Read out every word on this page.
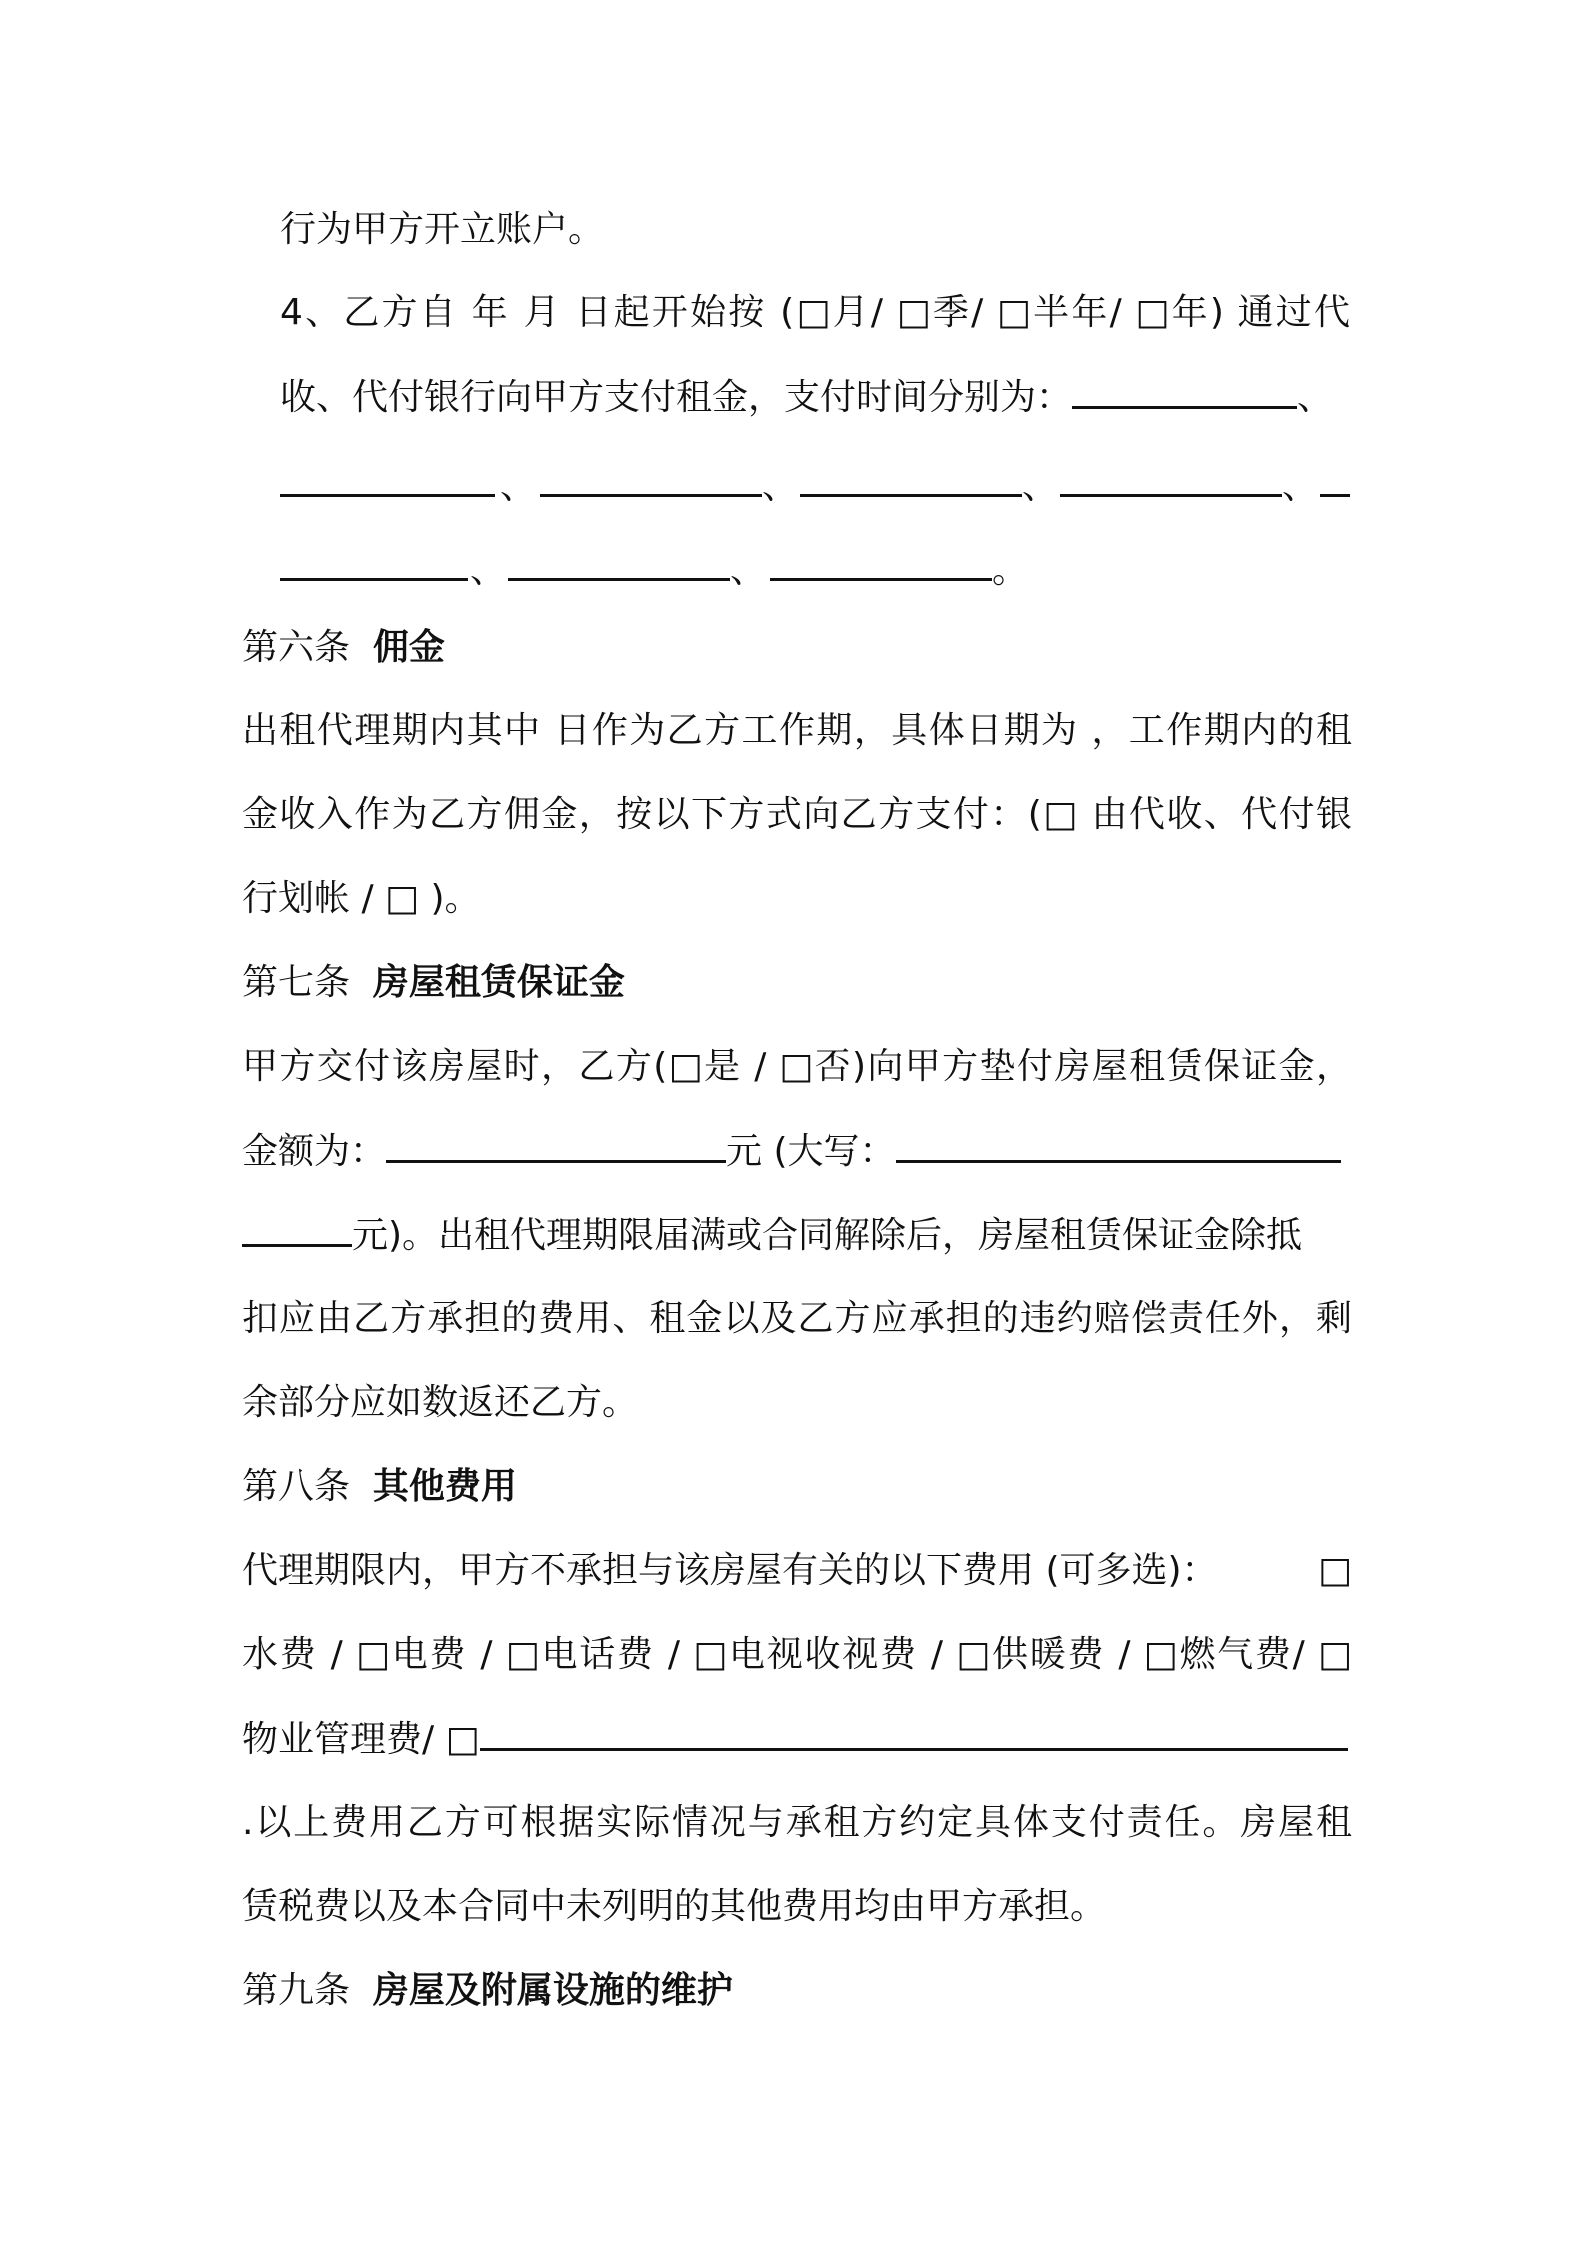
行为甲方开立账户。
4、乙方自 年 月 日起开始按 (□月/ □季/ □半年/ □年) 通过代
收、代付银行向甲方支付租金，支付时间分别为：	、
、	、	、	、
、	、	。
第六条 佣金
出租代理期内其中 日作为乙方工作期，具体日期为 ，工作期内的租
金收入作为乙方佣金，按以下方式向乙方支付：(□ 由代收、代付银
行划帐 / □ )。
第七条 房屋租赁保证金
甲方交付该房屋时，乙方(□是 / □否)向甲方垫付房屋租赁保证金，
金额为：	元 (大写：
元)。出租代理期限届满或合同解除后，房屋租赁保证金除抵
扣应由乙方承担的费用、租金以及乙方应承担的违约赔偿责任外，剩
余部分应如数返还乙方。
第八条 其他费用
代理期限内，甲方不承担与该房屋有关的以下费用 (可多选)：	□
水费 / □电费 / □电话费 / □电视收视费 / □供暖费 / □燃气费/ □
物业管理费/ □
.以上费用乙方可根据实际情况与承租方约定具体支付责任。房屋租
赁税费以及本合同中未列明的其他费用均由甲方承担。
第九条 房屋及附属设施的维护
